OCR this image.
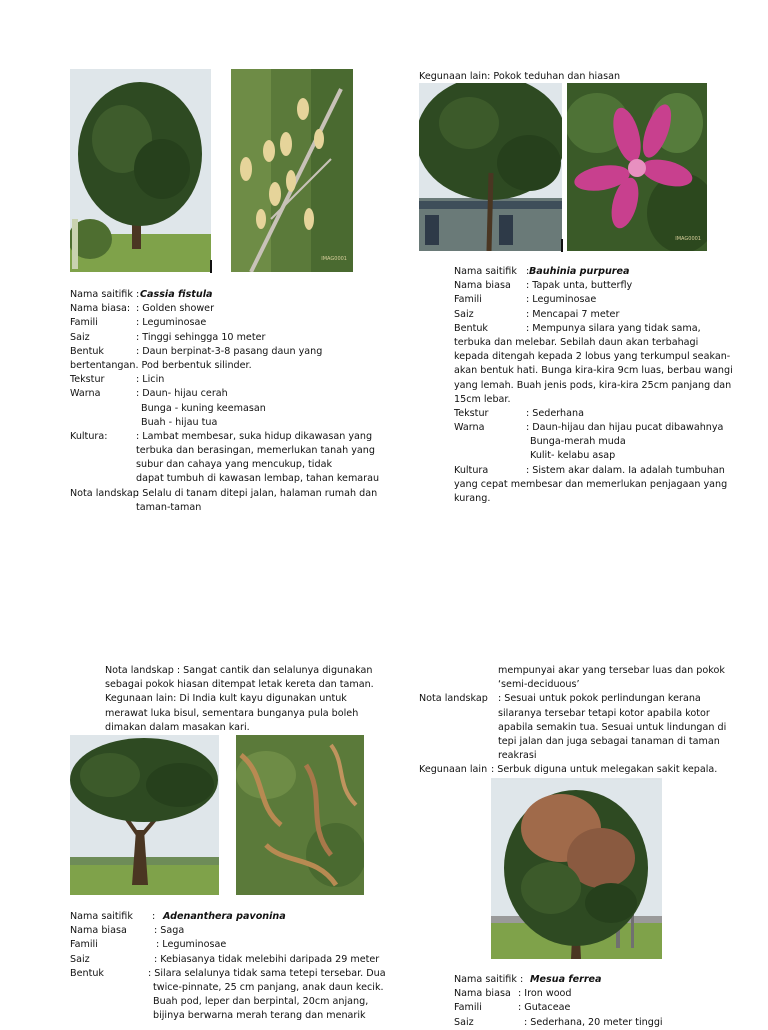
IMAG0001
Kegunaan lain: Pokok teduhan dan hiasan
IMAG0001
Nama saitifik : Cassia fistula
Nama biasa: : Golden shower
Famili	: Leguminosae
Saiz	: Tinggi sehingga 10 meter
Bentuk	: Daun berpinat-3-8 pasang daun yang
bertentangan. Pod berbentuk silinder.
Tekstur	: Licin
Warna	: Daun- hijau cerah
Bunga - kuning keemasan
Buah - hijau tua
Kultura:	: Lambat membesar, suka hidup dikawasan yang
terbuka dan berasingan, memerlukan tanah yang
subur dan cahaya yang mencukup, tidak
dapat tumbuh di kawasan lembap, tahan kemarau
Nota landskap
: Selalu di tanam ditepi jalan, halaman rumah dan
taman-taman
Nama saitifik : Bauhinia purpurea
Nama biasa : Tapak unta, butterfly
Famili	: Leguminosae
Saiz	: Mencapai 7 meter
Bentuk	: Mempunya silara yang tidak sama,
terbuka dan melebar. Sebilah daun akan terbahagi
kepada ditengah kepada 2 lobus yang terkumpul seakan-
akan bentuk hati. Bunga kira-kira 9cm luas, berbau wangi
yang lemah. Buah jenis pods, kira-kira 25cm panjang dan
15cm lebar.
Tekstur	: Sederhana
Warna	: Daun-hijau dan hijau pucat dibawahnya
Bunga-merah muda
Kulit- kelabu asap
Kultura	: Sistem akar dalam. Ia adalah tumbuhan
yang cepat membesar dan memerlukan penjagaan yang
kurang.
Nota landskap : Sangat cantik dan selalunya digunakan
sebagai pokok hiasan ditempat letak kereta dan taman.
Kegunaan lain: Di India kult kayu digunakan untuk
merawat luka bisul, sementara bunganya pula boleh
dimakan dalam masakan kari.
Nama saitifik : Adenanthera pavonina
Nama biasa	: Saga
Famili	: Leguminosae
Saiz	: Kebiasanya tidak melebihi daripada 29 meter
Bentuk	: Silara selalunya tidak sama tetepi tersebar. Dua
twice-pinnate, 25 cm panjang, anak daun kecik.
Buah pod, leper dan berpintal, 20cm anjang,
bijinya berwarna merah terang dan menarik
mempunyai akar yang tersebar luas dan pokok
‘semi-deciduous’
Nota landskap : Sesuai untuk pokok perlindungan kerana
silaranya tersebar tetapi kotor apabila kotor
apabila semakin tua. Sesuai untuk lindungan di
tepi jalan dan juga sebagai tanaman di taman
reakrasi
Kegunaan lain : Serbuk diguna untuk melegakan sakit kepala.
Nama saitifik : Mesua ferrea
Nama biasa : Iron wood
Famili	: Gutaceae
Saiz	: Sederhana, 20 meter tinggi
